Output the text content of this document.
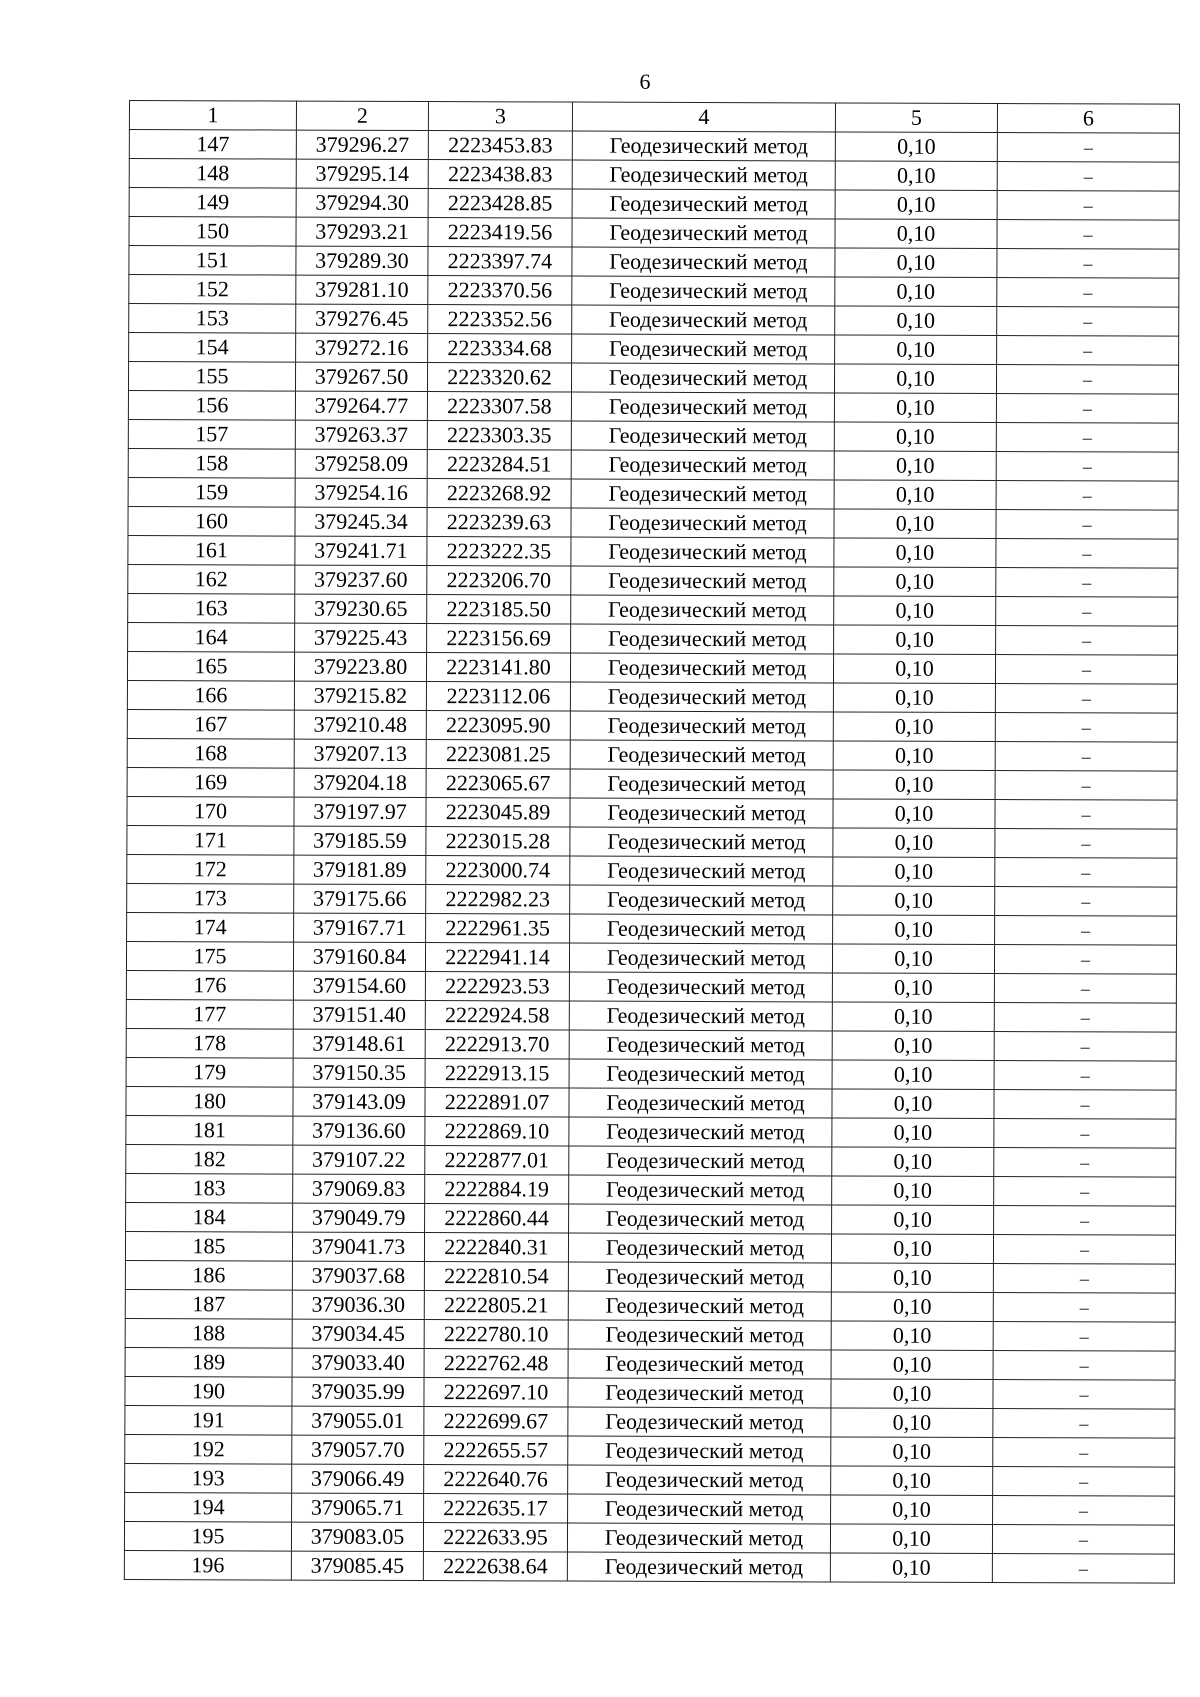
6
1	2	3	4	5	6
147	379296.27	2223453.83	Геодезический метод	0,10	–
148	379295.14	2223438.83	Геодезический метод	0,10	–
149	379294.30	2223428.85	Геодезический метод	0,10	–
150	379293.21	2223419.56	Геодезический метод	0,10	–
151	379289.30	2223397.74	Геодезический метод	0,10	–
152	379281.10	2223370.56	Геодезический метод	0,10	–
153	379276.45	2223352.56	Геодезический метод	0,10	–
154	379272.16	2223334.68	Геодезический метод	0,10	–
155	379267.50	2223320.62	Геодезический метод	0,10	–
156	379264.77	2223307.58	Геодезический метод	0,10	–
157	379263.37	2223303.35	Геодезический метод	0,10	–
158	379258.09	2223284.51	Геодезический метод	0,10	–
159	379254.16	2223268.92	Геодезический метод	0,10	–
160	379245.34	2223239.63	Геодезический метод	0,10	–
161	379241.71	2223222.35	Геодезический метод	0,10	–
162	379237.60	2223206.70	Геодезический метод	0,10	–
163	379230.65	2223185.50	Геодезический метод	0,10	–
164	379225.43	2223156.69	Геодезический метод	0,10	–
165	379223.80	2223141.80	Геодезический метод	0,10	–
166	379215.82	2223112.06	Геодезический метод	0,10	–
167	379210.48	2223095.90	Геодезический метод	0,10	–
168	379207.13	2223081.25	Геодезический метод	0,10	–
169	379204.18	2223065.67	Геодезический метод	0,10	–
170	379197.97	2223045.89	Геодезический метод	0,10	–
171	379185.59	2223015.28	Геодезический метод	0,10	–
172	379181.89	2223000.74	Геодезический метод	0,10	–
173	379175.66	2222982.23	Геодезический метод	0,10	–
174	379167.71	2222961.35	Геодезический метод	0,10	–
175	379160.84	2222941.14	Геодезический метод	0,10	–
176	379154.60	2222923.53	Геодезический метод	0,10	–
177	379151.40	2222924.58	Геодезический метод	0,10	–
178	379148.61	2222913.70	Геодезический метод	0,10	–
179	379150.35	2222913.15	Геодезический метод	0,10	–
180	379143.09	2222891.07	Геодезический метод	0,10	–
181	379136.60	2222869.10	Геодезический метод	0,10	–
182	379107.22	2222877.01	Геодезический метод	0,10	–
183	379069.83	2222884.19	Геодезический метод	0,10	–
184	379049.79	2222860.44	Геодезический метод	0,10	–
185	379041.73	2222840.31	Геодезический метод	0,10	–
186	379037.68	2222810.54	Геодезический метод	0,10	–
187	379036.30	2222805.21	Геодезический метод	0,10	–
188	379034.45	2222780.10	Геодезический метод	0,10	–
189	379033.40	2222762.48	Геодезический метод	0,10	–
190	379035.99	2222697.10	Геодезический метод	0,10	–
191	379055.01	2222699.67	Геодезический метод	0,10	–
192	379057.70	2222655.57	Геодезический метод	0,10	–
193	379066.49	2222640.76	Геодезический метод	0,10	–
194	379065.71	2222635.17	Геодезический метод	0,10	–
195	379083.05	2222633.95	Геодезический метод	0,10	–
196	379085.45	2222638.64	Геодезический метод	0,10	–
